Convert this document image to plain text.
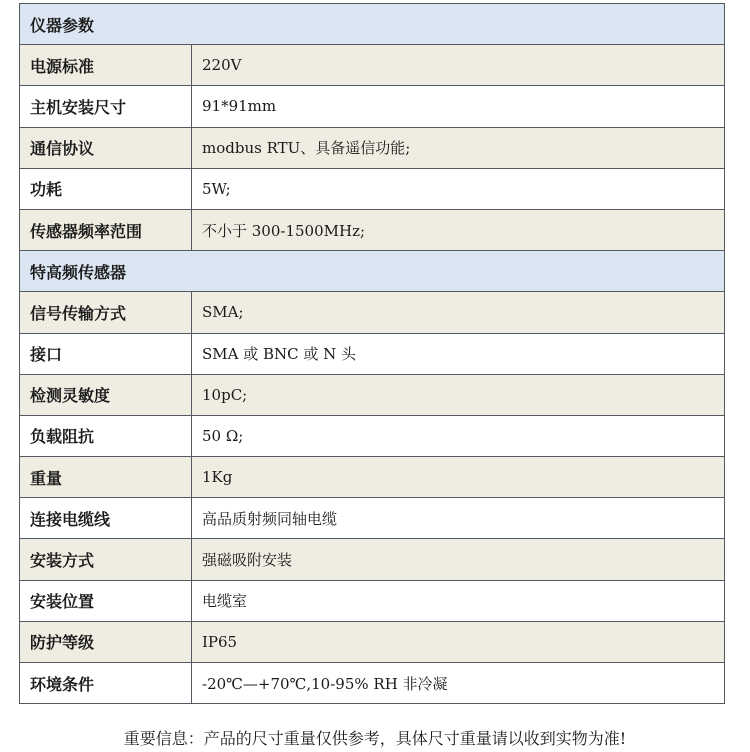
仪器参数	
电源标准	220V
主机安装尺寸	91*91mm
通信协议	modbus RTU、具备遥信功能;
功耗	5W;
传感器频率范围	不小于 300-1500MHz;
特高频传感器	
信号传输方式	SMA;
接口	SMA 或 BNC 或 N 头
检测灵敏度	10pC;
负载阻抗	50 Ω;
重量	1Kg
连接电缆线	高品质射频同轴电缆
安装方式	强磁吸附安装
安装位置	电缆室
防护等级	IP65
环境条件	-20℃—+70℃,10-95% RH 非冷凝
重要信息：产品的尺寸重量仅供参考，具体尺寸重量请以收到实物为准!
